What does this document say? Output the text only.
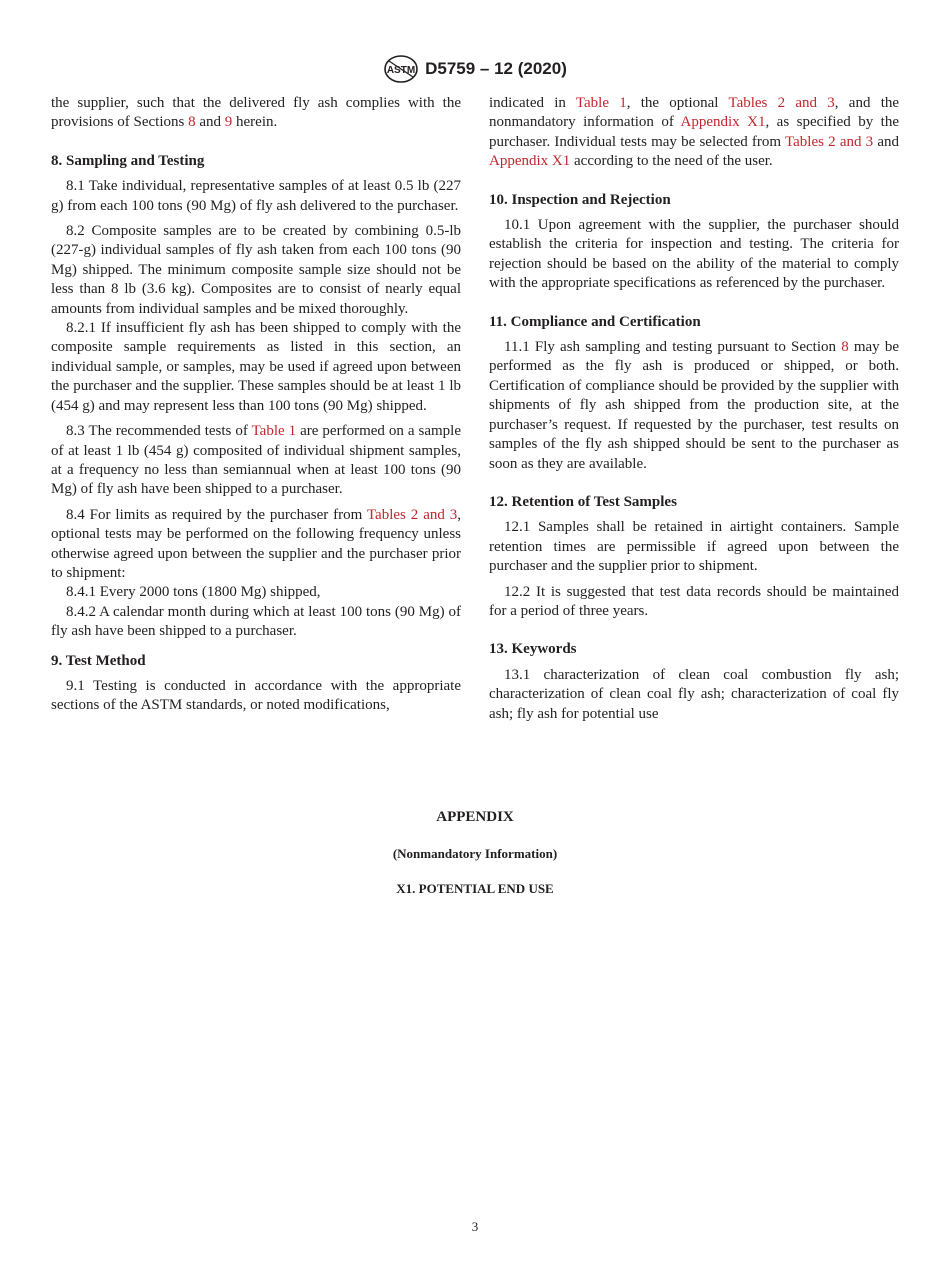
ASTM D5759 – 12 (2020)

the supplier, such that the delivered fly ash complies with the provisions of Sections 8 and 9 herein.

8. Sampling and Testing

8.1 Take individual, representative samples of at least 0.5 lb (227 g) from each 100 tons (90 Mg) of fly ash delivered to the purchaser.

8.2 Composite samples are to be created by combining 0.5-lb (227-g) individual samples of fly ash taken from each 100 tons (90 Mg) shipped. The minimum composite sample size should not be less than 8 lb (3.6 kg). Composites are to consist of nearly equal amounts from individual samples and be mixed thoroughly.

8.2.1 If insufficient fly ash has been shipped to comply with the composite sample requirements as listed in this section, an individual sample, or samples, may be used if agreed upon between the purchaser and the supplier. These samples should be at least 1 lb (454 g) and may represent less than 100 tons (90 Mg) shipped.

8.3 The recommended tests of Table 1 are performed on a sample of at least 1 lb (454 g) composited of individual shipment samples, at a frequency no less than semiannual when at least 100 tons (90 Mg) of fly ash have been shipped to a purchaser.

8.4 For limits as required by the purchaser from Tables 2 and 3, optional tests may be performed on the following frequency unless otherwise agreed upon between the supplier and the purchaser prior to shipment:

8.4.1 Every 2000 tons (1800 Mg) shipped,

8.4.2 A calendar month during which at least 100 tons (90 Mg) of fly ash have been shipped to a purchaser.

9. Test Method

9.1 Testing is conducted in accordance with the appropriate sections of the ASTM standards, or noted modifications,

indicated in Table 1, the optional Tables 2 and 3, and the nonmandatory information of Appendix X1, as specified by the purchaser. Individual tests may be selected from Tables 2 and 3 and Appendix X1 according to the need of the user.

10. Inspection and Rejection

10.1 Upon agreement with the supplier, the purchaser should establish the criteria for inspection and testing. The criteria for rejection should be based on the ability of the material to comply with the appropriate specifications as referenced by the purchaser.

11. Compliance and Certification

11.1 Fly ash sampling and testing pursuant to Section 8 may be performed as the fly ash is produced or shipped, or both. Certification of compliance should be provided by the supplier with shipments of fly ash shipped from the production site, at the purchaser’s request. If requested by the purchaser, test results on samples of the fly ash shipped should be sent to the purchaser as soon as they are available.

12. Retention of Test Samples

12.1 Samples shall be retained in airtight containers. Sample retention times are permissible if agreed upon between the purchaser and the supplier prior to shipment.

12.2 It is suggested that test data records should be maintained for a period of three years.

13. Keywords

13.1 characterization of clean coal combustion fly ash; characterization of clean coal fly ash; characterization of coal fly ash; fly ash for potential use

APPENDIX
(Nonmandatory Information)
X1. POTENTIAL END USE
3
